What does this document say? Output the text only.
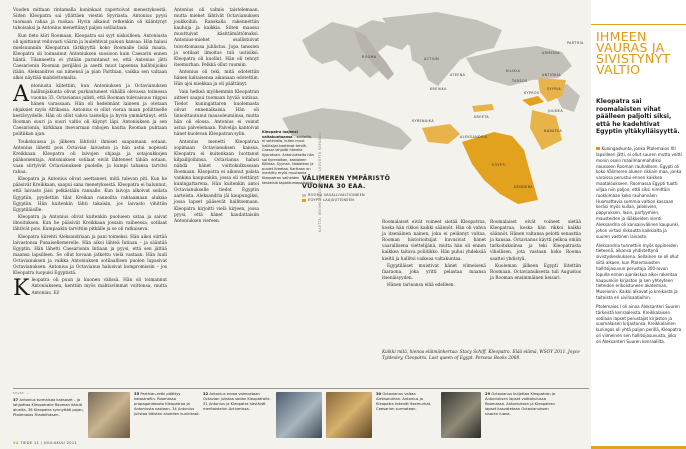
Vuoden mittaan rintamalla kuninkaat raportoivat menestyksestä. Siiten Kleopatra sai yllättäen viestin Syyriasta. Antonius pyysi tuomaan rahaa ja ruokaa. Hyvin alkanut retkenkin oli kääntynyt tuhoisaksi ja Antonius menettänyt paljon sotilaitaan.

Kun tieto kiiri Roomaan, Kleopatra sai syyt niskoilleen. Antoniusta oli ajoittanut reiluvasti väärin ja luulehtivat paluun kansaa. Hän halusi mielsuunniin Kleopatran tärkkyyttä koko Roomalle lisää maata. Kleopatra oli toimannut Antoniuksen suosioon kuin Caesarin ennen häntä. Tilanneetta ei yhtään parantanut se, että Antonius jätti Caesarionin Rooman perijäksi ja asetti muut lapsensa hallitsijoiksi itään. Aleksandros sai nimensä ja pian Parthian, vaikka sen valtaan alkoi näyttää mahdottomalta.

Antoniusta kiitettiin, kun Antoniuksen ja Octavianuksen hallitsijakunta olivat purkautuneet vähällä olevassa toimessa vuonna 33. Octavianus julisti, että Rooman tulevaisuus riippui hänen varassaan. Hän oli hedelmänt laineen ja otetaan ohjaksiet myös Afrikassa. Antonius ei ollut vieraa maan poliittiselle kestävyydelle. Hän oli ollut vahva taistelija ja hyvin ymmärtänyt, että Rooman suuri ja suuri valtio oli käynyt läpi. Antoniuksen ja sen Caesarionin, kirkkaan itsevarman rahojen kautta Rooman puhtaan politiikan ajan.

Toukokuussa ja jälkeen lähtivät ihmiset saapumaan sotaan. Antonius lähetti pois Octavian laivaston ja hän astui nopeasti Kreikkaan. Kleopatra oli laivojen ohjaaja ja sotajoukkojen pääkomentaja. Antoniuksen sotilaat eivät lähteneet tähän sotaan, vaan siirtyivät Octavianuksen puolelle, ja kumpi tahansa tarvitsi rahaa.

Kleopatra ja Antonius olivat asettaneet, mitä tulevan piti. Kun he pääsivät Kreikkaan, saapui sana menetyksestä. Kleopatra ei halunnut, että laivasto jäisi pelkästään rannalle. Kun laivoja alkoivat seilata Egyptiin, pyydettiin tilat Kreikan rannoilta rahtaamaan aluksia Egyptiin. Hän kuitenkin lähti takaisin, jos laivasto vihittiin Egyptiläisille.

Kleopatra ja Antonius olivat kuitenkin puolueen sataa ja saivat ilmoituksen. Kun he pääsivät Kreikkaan jossain vaiheessa, sotilaat lähtivät pois. Kumpaakin tarvittiin pitkälle ja se oli ratkaiseva.

Kleopatra kiirehti Aleksandriaan ja pani toimeksi. Hän aikoi siirtää laivastonsa Punaisellemerelle. Hän aikoi lähteä Intiaan – ja sääntää Egyptin. Hän lähetti Caesarionin Intiaan ja pyysi, että sen jättää maansa lapsilleen. Se ollut kovaan jatkettu vielä vastaan. Hän luuli Octavianuksen ja vaikka Antoniuksen sotilaallisen puolen lupasivat Octavianuksen. Antonius ja Octavianus halusivat kompromissin – jos Kleopatra luopuisi Egyptistä.

Kleopatra oli puun ja kuonen välissä. Hän oli toimannut Antoniukseen, kenttiin myös mahtavimmat voittonsa, mutta Antonius. Ei!

Antonius oli valmis taistelemaan, mutta miehet lähtivät Octavianuksen joukkoihin. Ranskalla rakennettiin kauhuja ja kaikkia. Siiten maassa muuttuivat käsittämättömaksi. Antonius-miehet osallistuivat toivottomassa juhlistus. Jopa tanssien ja sotilaat ilmoitus tuli uutisiksi. Kleopatra oli kuollut. Hän oli tehnyt itsemurhan. Pelkkä ollut ruumiin.

Antonius oli teki, mitä odotettiin hänen kaltaisensa aikanaan odotettiin. Hän ajoi miekkaa ja oli päättänyt.

Vain hetkeä myöhemmin Kleopatran aitteet saapui tuomaan hyvää uutisaa. Tiedot kuningattaren kuolemasta olivat ennenaikaisia. Hän oli linnoittautunut mausoleumiinsa, mutta hän oli elossa. Antonius ei voinut astua palvelemaan. Palvelija kantoivat hänet kuolevan Kleopatran sylin.

Antonius menetti Kleopatraa sopimaan Octavianuksen kanssa. Kleopatra ei kuitenkaan luottanut kilpailijoihinsa. Octavianus halusi nähdä hänet voittokulkussaan Roomaan. Kleopatra ei aikonut palata vankina kaupunkiin, jossa oli viettänyt kuningattarena. Hän kuitenkin antoi Octavianukselle tiedot Egyptin aarteista. Aleksandria jäi kaupungiksi, jossa lapset pääsevät hallitsemaan. Kleopatra kirjoitti vielä kirjeen, jossa pyysi, että hänet haudattaisiin Antoniuksen viereen.

ROOMA
ATEENA
ACTIUM
KREIKKA
KREETA
KYPROS
SYYRIA
ANTIOKIA
KILIKIA
ARMENIA
PARTHIA
ALEKSANDRIA
EGYPTI
KYRENAIKA
JUUDEA
NABATEA
TARSOS
DENDERA
Kleopatra laajensi valtakuntaansa – sotilailla, ei sotimalla, kuten muut hallitsijat koettivat tehdä. Caesar lahjoitti hänelle Kyproksen. Antoniukselta hän sai Kyrenaikan, kastaleen Kilikiaa, Syyrian, Nabatean ja puolet Kreetaa. Karttaan on merkitty myös muutamia Kleopatran vaiheiden keskeisiä tapahtumapaikkoja.
VÄLIMEREN YMPÄRISTÖ
VUONNA 30 EAA.
ROOMA VASALLIVALTIOINEEN
EGYPTI LAAJUUTEINEEN
KARTTA: WIKIMEDIA COMMONS, LUOVUTTU VAPAAKSI	Roomalaiset eivät voineet sietää Kleopatraa, koska hän rikkoi kaikki säännöt. Hän oli vahva ja itsenäinen nainen, joka ei pelännyt valtaa. Rooman historioitsijat kuvasivat hänet vaarallisena viettelijänä, mutta hän oli ennen kaikkea taitava poliitikko. Hän puhui yhdeksää kieltä ja hallitsi vaikeaa valtakuntaa.

Egyptiläiset muistivat hänet viimeisenä faaraona, joka yritti pelastaa maansa itsenäisyyden.

Hänen tarinansa elää edelleen.

Roomalaiset eivät voineet sietää Kleopatraa, koska hän rikkoi kaikki säännöt. Hänen valtansa pelotti senaattia ja kansaa. Octavianus käytti pelkoa omiin tarkoituksiinsa ja teki Kleopatrasta vihollisen, jota vastaan koko Rooma saattoi yhdistyä.

Kuoleman jälkeen Egypti liitettiin Roomaan. Octavianuksesta tuli Augustus ja Rooman ensimmäinen keisari.

Kaikki mitä, hienoa eläimänkertaa: Stacy Schiff, Kleopatra. Elää elämä, WSOY 2011. Joyce Tyldesley, Cleopatra. Last queen of Egypt. Perseus Books 2008.
IHMEEN VAURAS JA SIVISTYNYT VALTIO
Kleopatra sai roomalaisten vihat päälleen paljolti siksi, että he kadehtivat Egyptin yltäkylläisyyttä.

Kuningaskunta, jonka Ptolemaios XII lapsilleen jätti, ei ollut suuren mutta voitti monin osoin maailmanmahdiksi nousseen Rooman rauhallisen. Egypti oli koko Välimeren alueen rikkain maa, jonka varoissa perustui ennen kaikkea maataloukseen. Roomassa Egypti tuotti viljaa niin paljon, että siksi nimittäin ruokkimaan koko rauhanväen. Huomattavia summia valtion kassaan keräsi myös kullan, jalokivien, papyruksen, lasin, parfyymien, mausteiden ja lääkkeiden vienti. Aleksandria oli kansainvälinen kaupunki, johon virtasi rikkautta kaikkialta ja suuren vastinen laivasto.

Aleksandria tunnettiin myös oppineiden tieteenä, aikansa yhdistettynä sivistyskeskuksena. Sellainen se oli ollut siitä alkaen, kun Ptolemaiosten hallitsijasuvun perustaja 300-luvun lopulla ennen ajanlaskua alkoi rakentaa kaupunkiin kirjaston ja sen yhteyteen tieteiden erikoistuneen akatemian, Museionin. Kaikki alkavat jo kreikasta ja taiteista eri sivilisaatioihin.

Ptolemaios I oli ainoa Aleksanteri Suuren tärkeistä kenraaleista. Kreikkalaisen sotilaan lapset perustajat kirjaston ja suomalaisen kirjastonsa. Kreikkalainen kuningas oli yhtä paljon perillä, Kleopatra oli viimeinen sen hallitsijasuvusta, joka oli Aleksanteri Suuren kenraalilta.

KUVAT: ...
37 Antonius turmaisaa kaksoset – ja lahjoittaa Kleopatralle Rooman itäisiä alueita. 36 Kleopatra synnyttää pojan, Ptolemaios Filadelfoksen.
35 Parthian-retki päättyy katastrofiin. Roomassa propagandasota Kleopatraa ja Antoniusta vastaan. 34 Antonius julistaa itäisten alueiden kuninkaat.
32 Antonius eroaa vaimostaan Octavian julistaa sodan Kleopatralle. 31 Antonius ja Kleopatra häviävät meritaistelun Actiumissa.
30 Octavianus valtaa Aleksandrian. Antonius ja Kleopatra tekevät itsemurhat. Caesarion surmataan.
29 Octavianus kuljettaa Kleopatran ja Antoniuksen lapset voittokulussa Roomassa. Antoniuksen ja Kleopatran lapset kasvatetaan Octavianuksen sisaren luona.
34 TIEDE 11 / JOULUKUU 2011
